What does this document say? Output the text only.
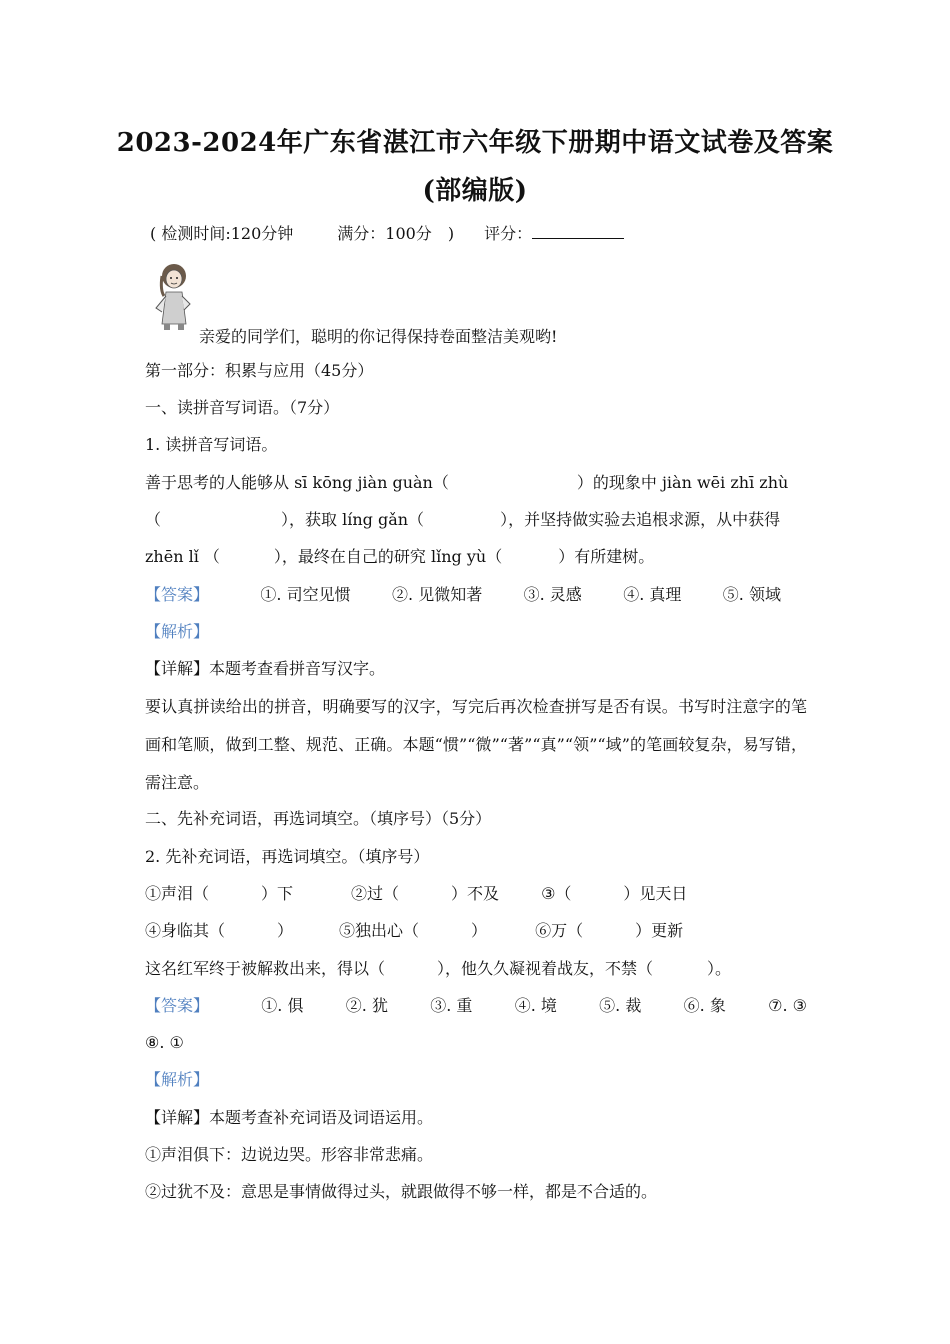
2023-2024年广东省湛江市六年级下册期中语文试卷及答案
(部编版)
( 检测时间:120分钟	满分：100分 ) 评分：
亲爱的同学们，聪明的你记得保持卷面整洁美观哟!
第一部分：积累与应用（45分）
一、读拼音写词语。（7分）
1. 读拼音写词语。
善于思考的人能够从 sī kōng jiàn guàn（	）的现象中 jiàn wēi zhī zhù
（	），获取 líng gǎn（	），并坚持做实验去追根求源，从中获得
zhēn lǐ （	），最终在自己的研究 lǐng yù（	）有所建树。
【答案】	①. 司空见惯	②. 见微知著	③. 灵感	④. 真理	⑤. 领域
【解析】
【详解】本题考查看拼音写汉字。
要认真拼读给出的拼音，明确要写的汉字，写完后再次检查拼写是否有误。书写时注意字的笔画和笔顺，做到工整、规范、正确。本题“惯”“微”“著”“真”“领”“域”的笔画较复杂，易写错，需注意。
二、先补充词语，再选词填空。（填序号）（5分）
2. 先补充词语，再选词填空。（填序号）
①声泪（	）下	②过（	）不及	③（	）见天日
④身临其（	）	⑤独出心（	）	⑥万（	）更新
这名红军终于被解救出来，得以（	），他久久凝视着战友，不禁（	）。
【答案】	①. 俱	②. 犹	③. 重	④. 境	⑤. 裁	⑥. 象	⑦. ③
⑧. ①
【解析】
【详解】本题考查补充词语及词语运用。
①声泪俱下：边说边哭。形容非常悲痛。
②过犹不及：意思是事情做得过头，就跟做得不够一样，都是不合适的。
